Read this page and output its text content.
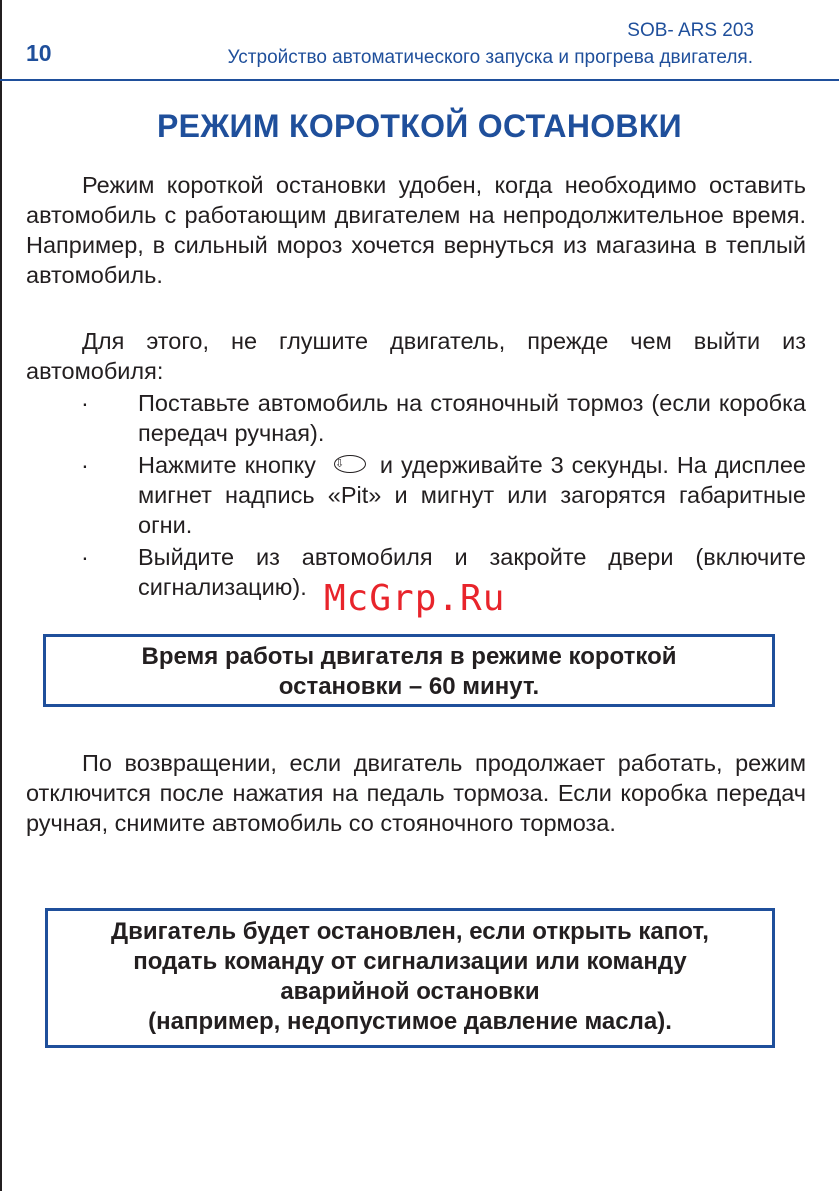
10
SOB- ARS 203
Устройство автоматического запуска и прогрева двигателя.
РЕЖИМ КОРОТКОЙ ОСТАНОВКИ
Режим короткой остановки удобен, когда необходимо оставить автомобиль с работающим двигателем на непродолжительное время. Например, в сильный мороз хочется вернуться из магазина в теплый автомобиль.
Для этого, не глушите двигатель, прежде чем выйти из автомобиля:
· Поставьте автомобиль на стояночный тормоз (если коробка передач ручная).
· Нажмите кнопку ⇩ и удерживайте 3 секунды. На дисплее мигнет надпись «Pit» и мигнут или загорятся габаритные огни.
· Выйдите из автомобиля и закройте двери (включите сигнализацию). McGrp.Ru
Время работы двигателя в режиме короткой
остановки – 60 минут.
По возвращении, если двигатель продолжает работать, режим отключится после нажатия на педаль тормоза. Если коробка передач ручная, снимите автомобиль со стояночного тормоза.
Двигатель будет остановлен, если открыть капот,
подать команду от сигнализации или команду
аварийной остановки
(например, недопустимое давление масла).
